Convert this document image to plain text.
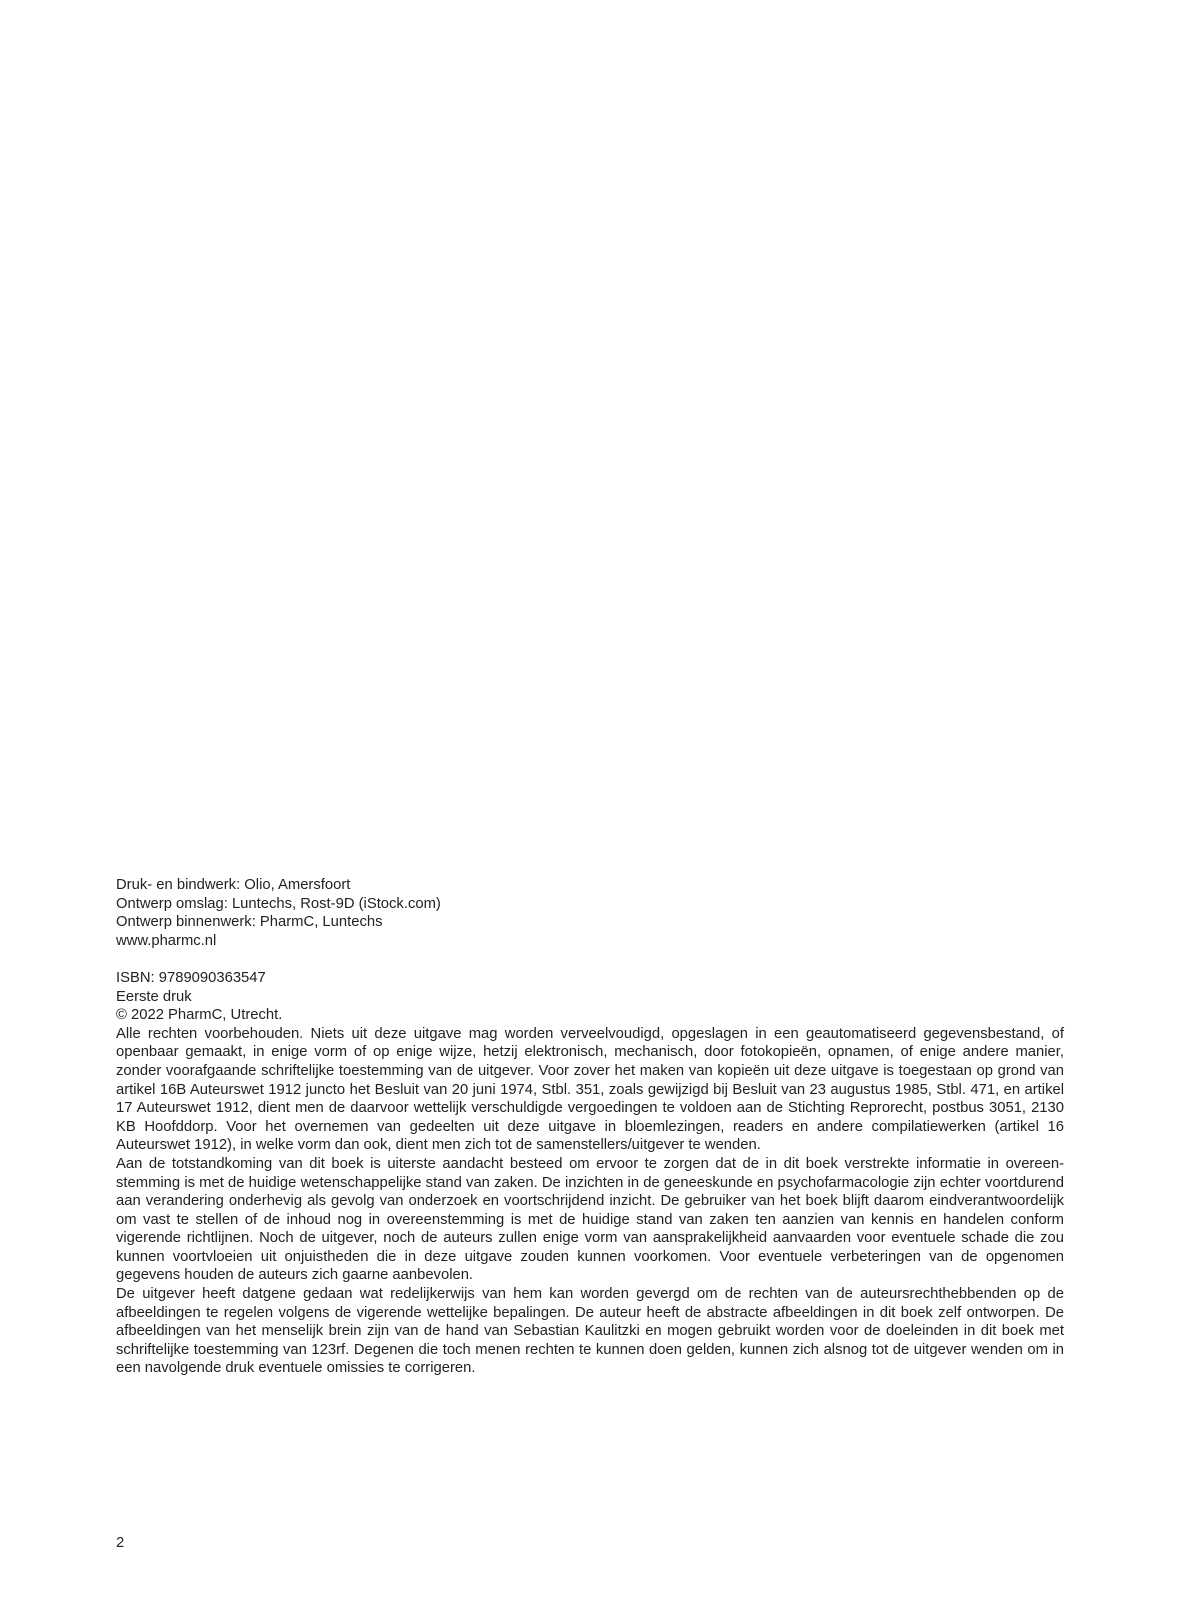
Druk- en bindwerk: Olio, Amersfoort

Ontwerp omslag: Luntechs, Rost-9D (iStock.com)

Ontwerp binnenwerk: PharmC, Luntechs

www.pharmc.nl

ISBN: 9789090363547

Eerste druk

© 2022 PharmC, Utrecht.

Alle rechten voorbehouden. Niets uit deze uitgave mag worden verveelvoudigd, opgeslagen in een geautomatiseerd gegevensbestand, of openbaar gemaakt, in enige vorm of op enige wijze, hetzij elektronisch, mechanisch, door fotokopieën, opnamen, of enige andere manier, zonder voorafgaande schriftelijke toestemming van de uitgever. Voor zover het maken van kopieën uit deze uitgave is toegestaan op grond van artikel 16B Auteurswet 1912 juncto het Besluit van 20 juni 1974, Stbl. 351, zoals gewijzigd bij Besluit van 23 augustus 1985, Stbl. 471, en artikel 17 Auteurswet 1912, dient men de daarvoor wettelijk verschuldigde vergoedingen te voldoen aan de Stichting Reprorecht, postbus 3051, 2130 KB Hoofddorp. Voor het overnemen van gedeelten uit deze uitgave in bloemlezingen, readers en andere compilatiewerken (artikel 16 Auteurswet 1912), in welke vorm dan ook, dient men zich tot de samenstellers/uitgever te wenden.

Aan de totstandkoming van dit boek is uiterste aandacht besteed om ervoor te zorgen dat de in dit boek verstrekte informatie in overeenstemming is met de huidige wetenschappelijke stand van zaken. De inzichten in de geneeskunde en psychofarmacologie zijn echter voortdurend aan verandering onderhevig als gevolg van onderzoek en voortschrijdend inzicht. De gebruiker van het boek blijft daarom eindverantwoordelijk om vast te stellen of de inhoud nog in overeenstemming is met de huidige stand van zaken ten aanzien van kennis en handelen conform vigerende richtlijnen. Noch de uitgever, noch de auteurs zullen enige vorm van aansprakelijkheid aanvaarden voor eventuele schade die zou kunnen voortvloeien uit onjuistheden die in deze uitgave zouden kunnen voorkomen. Voor eventuele verbeteringen van de opgenomen gegevens houden de auteurs zich gaarne aanbevolen.

De uitgever heeft datgene gedaan wat redelijkerwijs van hem kan worden gevergd om de rechten van de auteursrechthebbenden op de afbeeldingen te regelen volgens de vigerende wettelijke bepalingen. De auteur heeft de abstracte afbeeldingen in dit boek zelf ontworpen. De afbeeldingen van het menselijk brein zijn van de hand van Sebastian Kaulitzki en mogen gebruikt worden voor de doeleinden in dit boek met schriftelijke toestemming van 123rf. Degenen die toch menen rechten te kunnen doen gelden, kunnen zich alsnog tot de uitgever wenden om in een navolgende druk eventuele omissies te corrigeren.

2
